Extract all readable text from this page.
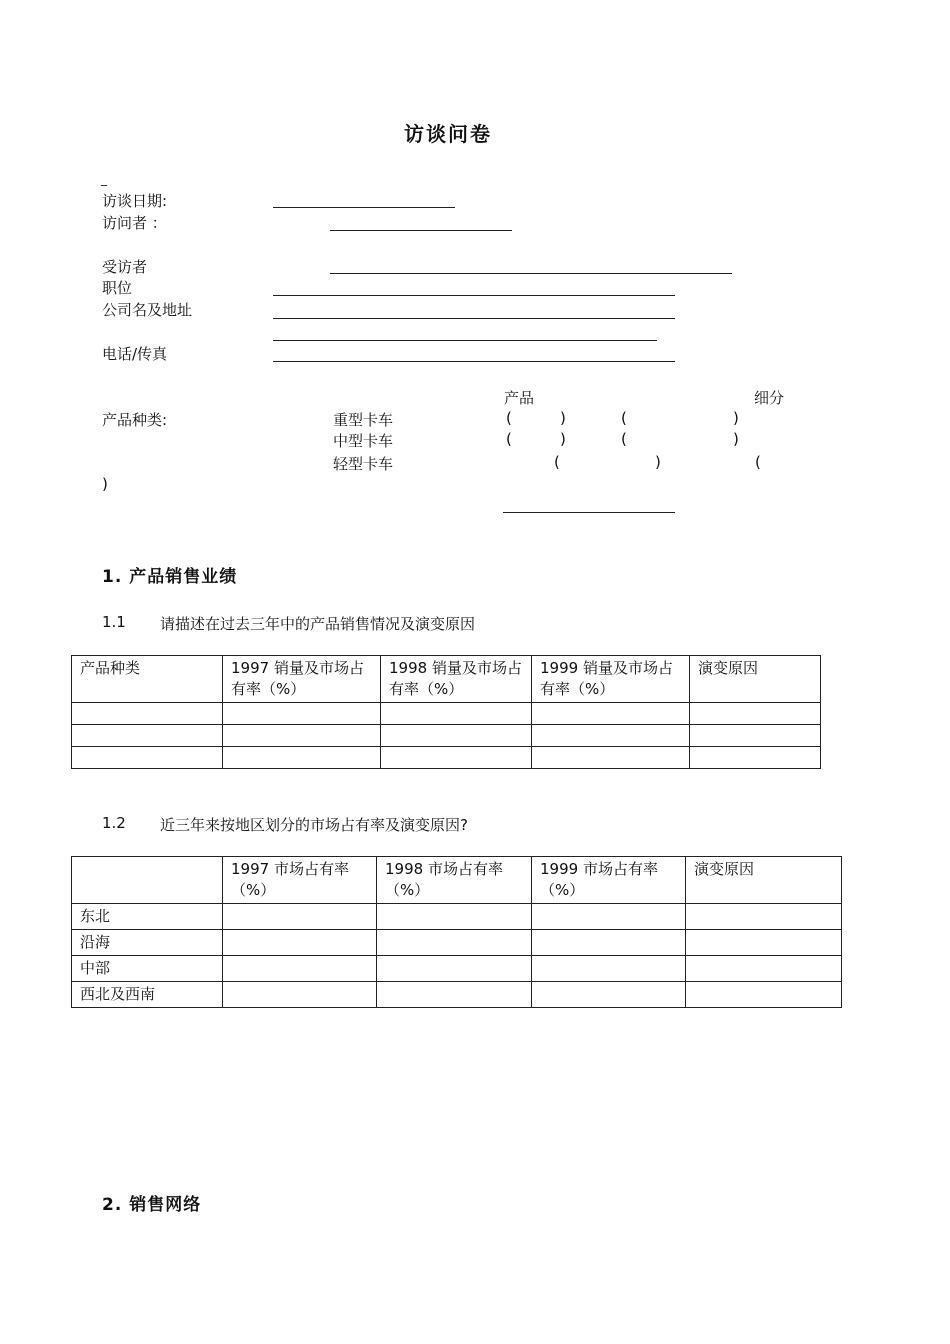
访谈问卷
_
访谈日期:
访问者 ：
受访者
职位
公司名及地址
电话/传真
产品	细分
产品种类:	重型卡车	(	)	(	)
中型卡车	(	)	(	)
轻型卡车	(	)	(
)
1. 产品销售业绩
1.1 请描述在过去三年中的产品销售情况及演变原因
产品种类	1997 销量及市场占有率（%）	1998 销量及市场占有率（%）	1999 销量及市场占有率（%）	演变原因

1.2 近三年来按地区划分的市场占有率及演变原因?
	1997 市场占有率（%）	1998 市场占有率（%）	1999 市场占有率（%）	演变原因
东北				
沿海				
中部				
西北及西南				
2. 销售网络
